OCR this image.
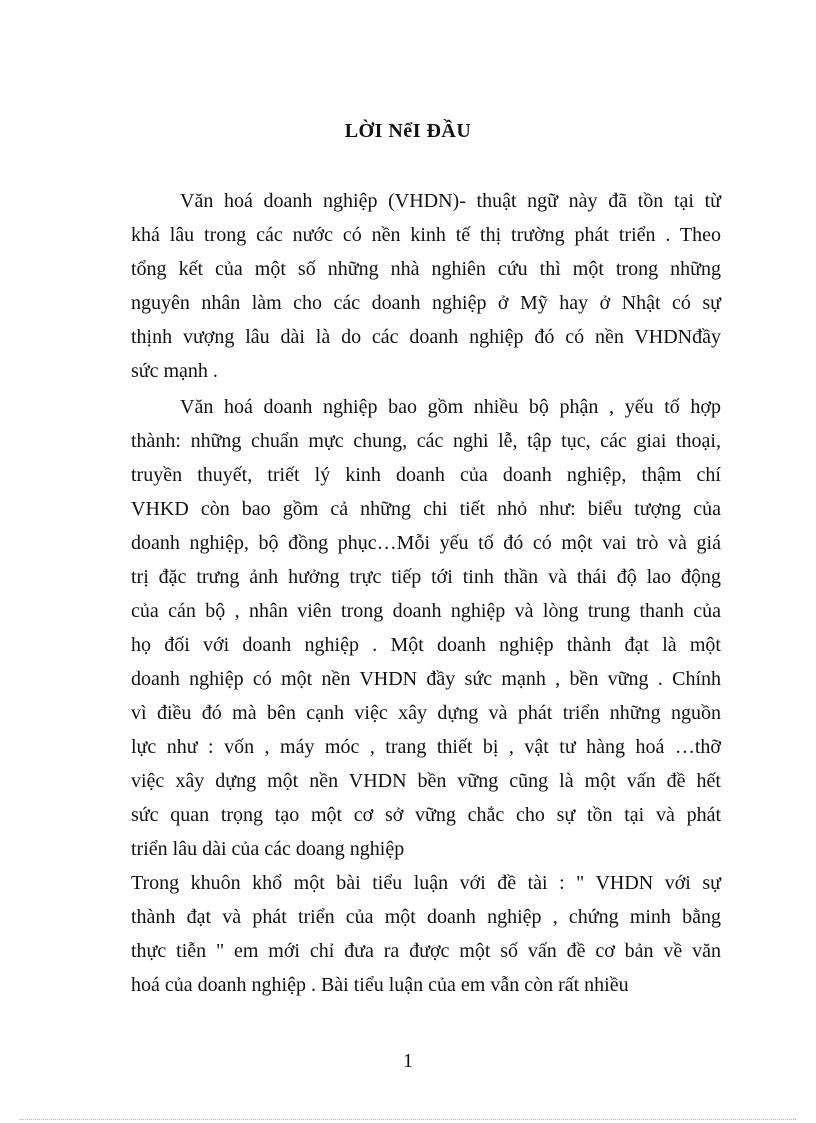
LỜI NểI ĐẦU
Văn hoá doanh nghiệp (VHDN)- thuật ngữ này đã tồn tại từ
khá lâu trong các nước có nền kinh tế thị trường phát triển . Theo
tổng kết của một số những nhà nghiên cứu thì một trong những
nguyên nhân làm cho các doanh nghiệp ở Mỹ hay ở Nhật có sự
thịnh vượng lâu dài là do các doanh nghiệp đó có nền VHDNđầy
sức mạnh .
Văn hoá doanh nghiệp bao gồm nhiều bộ phận , yếu tố hợp
thành: những chuẩn mực chung, các nghi lễ, tập tục, các giai thoại,
truyền thuyết, triết lý kinh doanh của doanh nghiệp, thậm chí
VHKD còn bao gồm cả những chi tiết nhỏ như: biểu tượng của
doanh nghiệp, bộ đồng phục…Mỗi yếu tố đó có một vai trò và giá
trị đặc trưng ảnh hưởng trực tiếp tới tinh thần và thái độ lao động
của cán bộ , nhân viên trong doanh nghiệp và lòng trung thanh của
họ đối với doanh nghiệp . Một doanh nghiệp thành đạt là một
doanh nghiệp có một nền VHDN đầy sức mạnh , bền vững . Chính
vì điều đó mà bên cạnh việc xây dựng và phát triển những nguồn
lực như : vốn , máy móc , trang thiết bị , vật tư hàng hoá …thỡ
việc xây dựng một nền VHDN bền vững cũng là một vấn đề hết
sức quan trọng tạo một cơ sở vững chắc cho sự tồn tại và phát
triển lâu dài của các doang nghiệp
Trong khuôn khổ một bài tiểu luận với đề tài : " VHDN với sự
thành đạt và phát triển của một doanh nghiệp , chứng minh bằng
thực tiễn " em mới chỉ đưa ra được một số vấn đề cơ bản về văn
hoá của doanh nghiệp . Bài tiểu luận của em vẫn còn rất nhiều
1
